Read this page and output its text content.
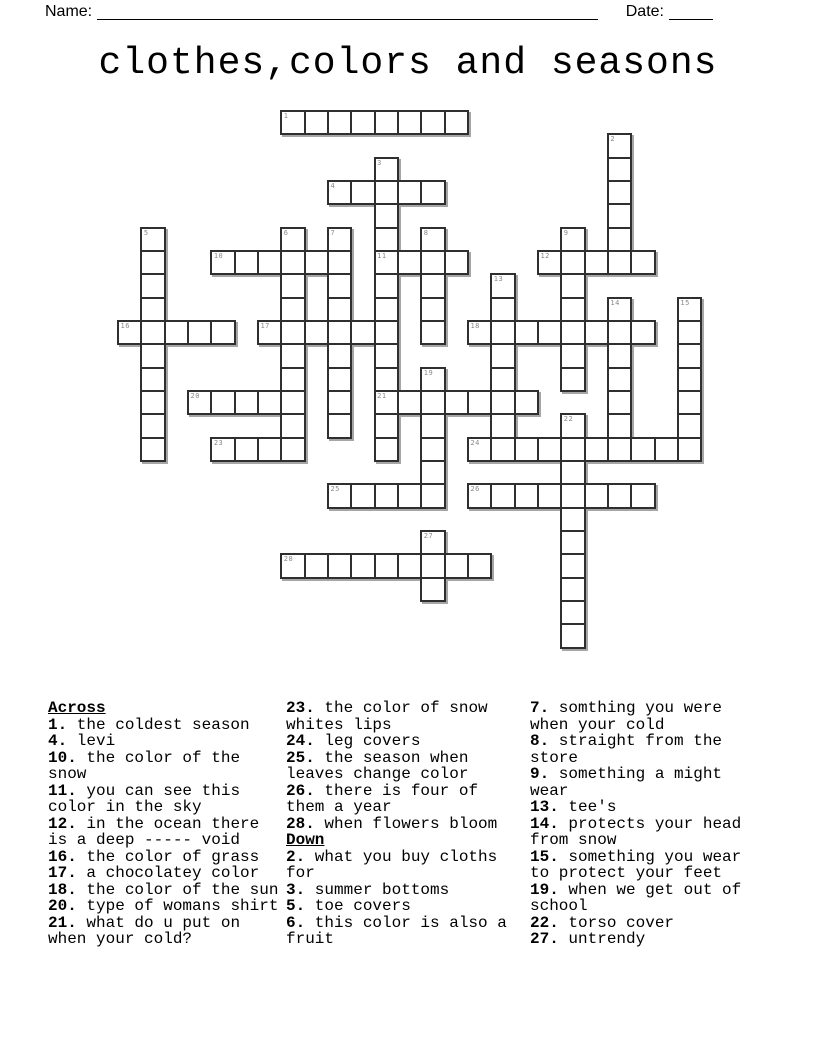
Name:	Date:
clothes,colors and seasons
1
2
3
4
5	6	7	8	9
10	11	12
13
14	15
16	17	18
19
20	21
22
23	24
25	26
27
28
Across
1. the coldest season
4. levi
10. the color of the snow
11. you can see this color in the sky
12. in the ocean there is a deep ----- void
16. the color of grass
17. a chocolatey color
18. the color of the sun
20. type of womans shirt
21. what do u put on when your cold?
23. the color of snow whites lips
24. leg covers
25. the season when leaves change color
26. there is four of them a year
28. when flowers bloom
Down
2. what you buy cloths for
3. summer bottoms
5. toe covers
6. this color is also a fruit
7. somthing you were when your cold
8. straight from the store
9. something a might wear
13. tee's
14. protects your head from snow
15. something you wear to protect your feet
19. when we get out of school
22. torso cover
27. untrendy
